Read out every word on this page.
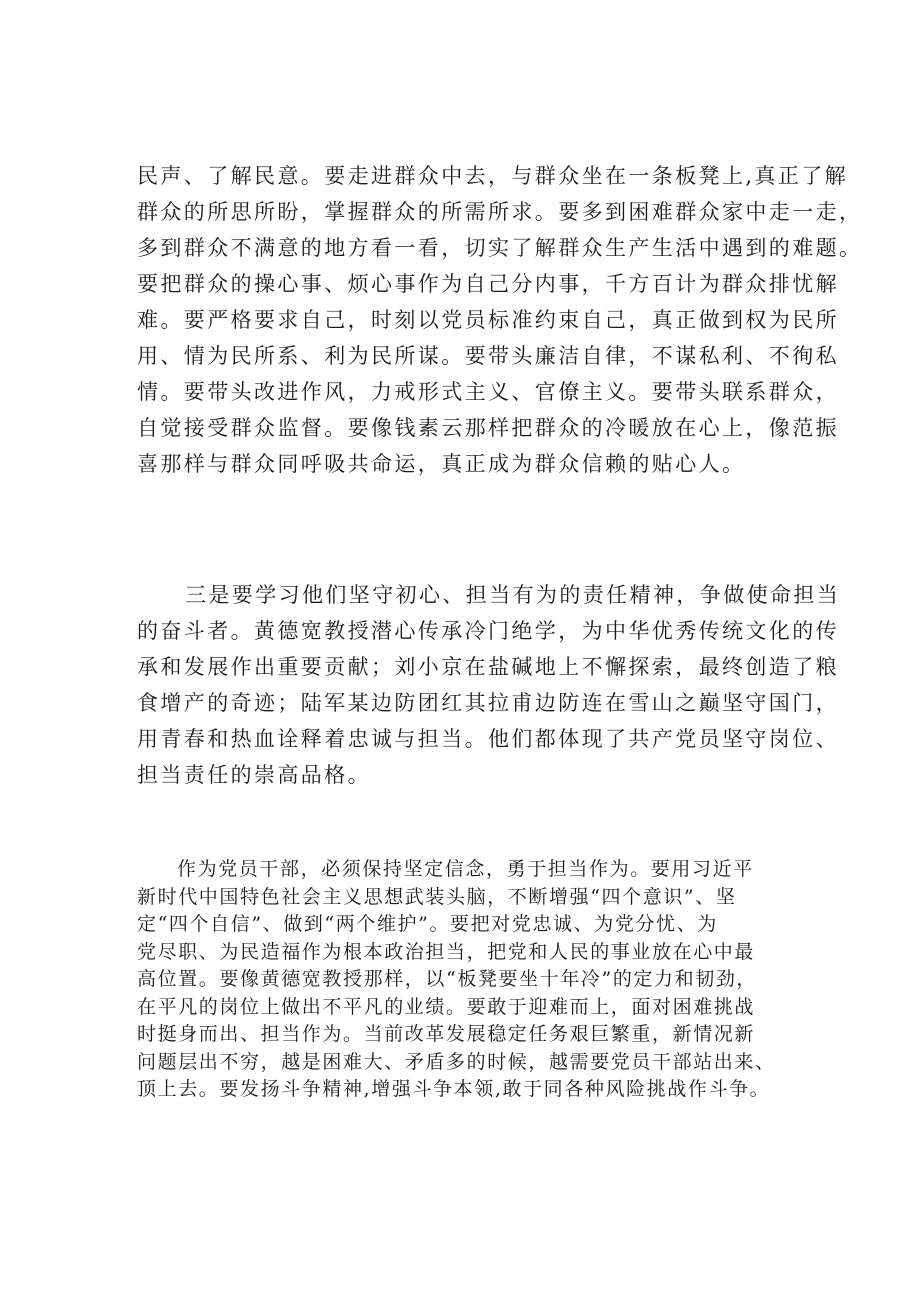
民声、了解民意。要走进群众中去，与群众坐在一条板凳上,真正了解
群众的所思所盼，掌握群众的所需所求。要多到困难群众家中走一走，
多到群众不满意的地方看一看，切实了解群众生产生活中遇到的难题。
要把群众的操心事、烦心事作为自己分内事，千方百计为群众排忧解
难。要严格要求自己，时刻以党员标准约束自己，真正做到权为民所
用、情为民所系、利为民所谋。要带头廉洁自律，不谋私利、不徇私
情。要带头改进作风，力戒形式主义、官僚主义。要带头联系群众，
自觉接受群众监督。要像钱素云那样把群众的冷暖放在心上，像范振
喜那样与群众同呼吸共命运，真正成为群众信赖的贴心人。
三是要学习他们坚守初心、担当有为的责任精神，争做使命担当
的奋斗者。黄德宽教授潜心传承冷门绝学，为中华优秀传统文化的传
承和发展作出重要贡献；刘小京在盐碱地上不懈探索，最终创造了粮
食增产的奇迹；陆军某边防团红其拉甫边防连在雪山之巅坚守国门，
用青春和热血诠释着忠诚与担当。他们都体现了共产党员坚守岗位、
担当责任的崇高品格。
作为党员干部，必须保持坚定信念，勇于担当作为。要用习近平
新时代中国特色社会主义思想武装头脑，不断增强“四个意识”、坚
定“四个自信”、做到“两个维护”。要把对党忠诚、为党分忧、为
党尽职、为民造福作为根本政治担当，把党和人民的事业放在心中最
高位置。要像黄德宽教授那样，以“板凳要坐十年冷”的定力和韧劲，
在平凡的岗位上做出不平凡的业绩。要敢于迎难而上，面对困难挑战
时挺身而出、担当作为。当前改革发展稳定任务艰巨繁重，新情况新
问题层出不穷，越是困难大、矛盾多的时候，越需要党员干部站出来、
顶上去。要发扬斗争精神,增强斗争本领,敢于同各种风险挑战作斗争。
